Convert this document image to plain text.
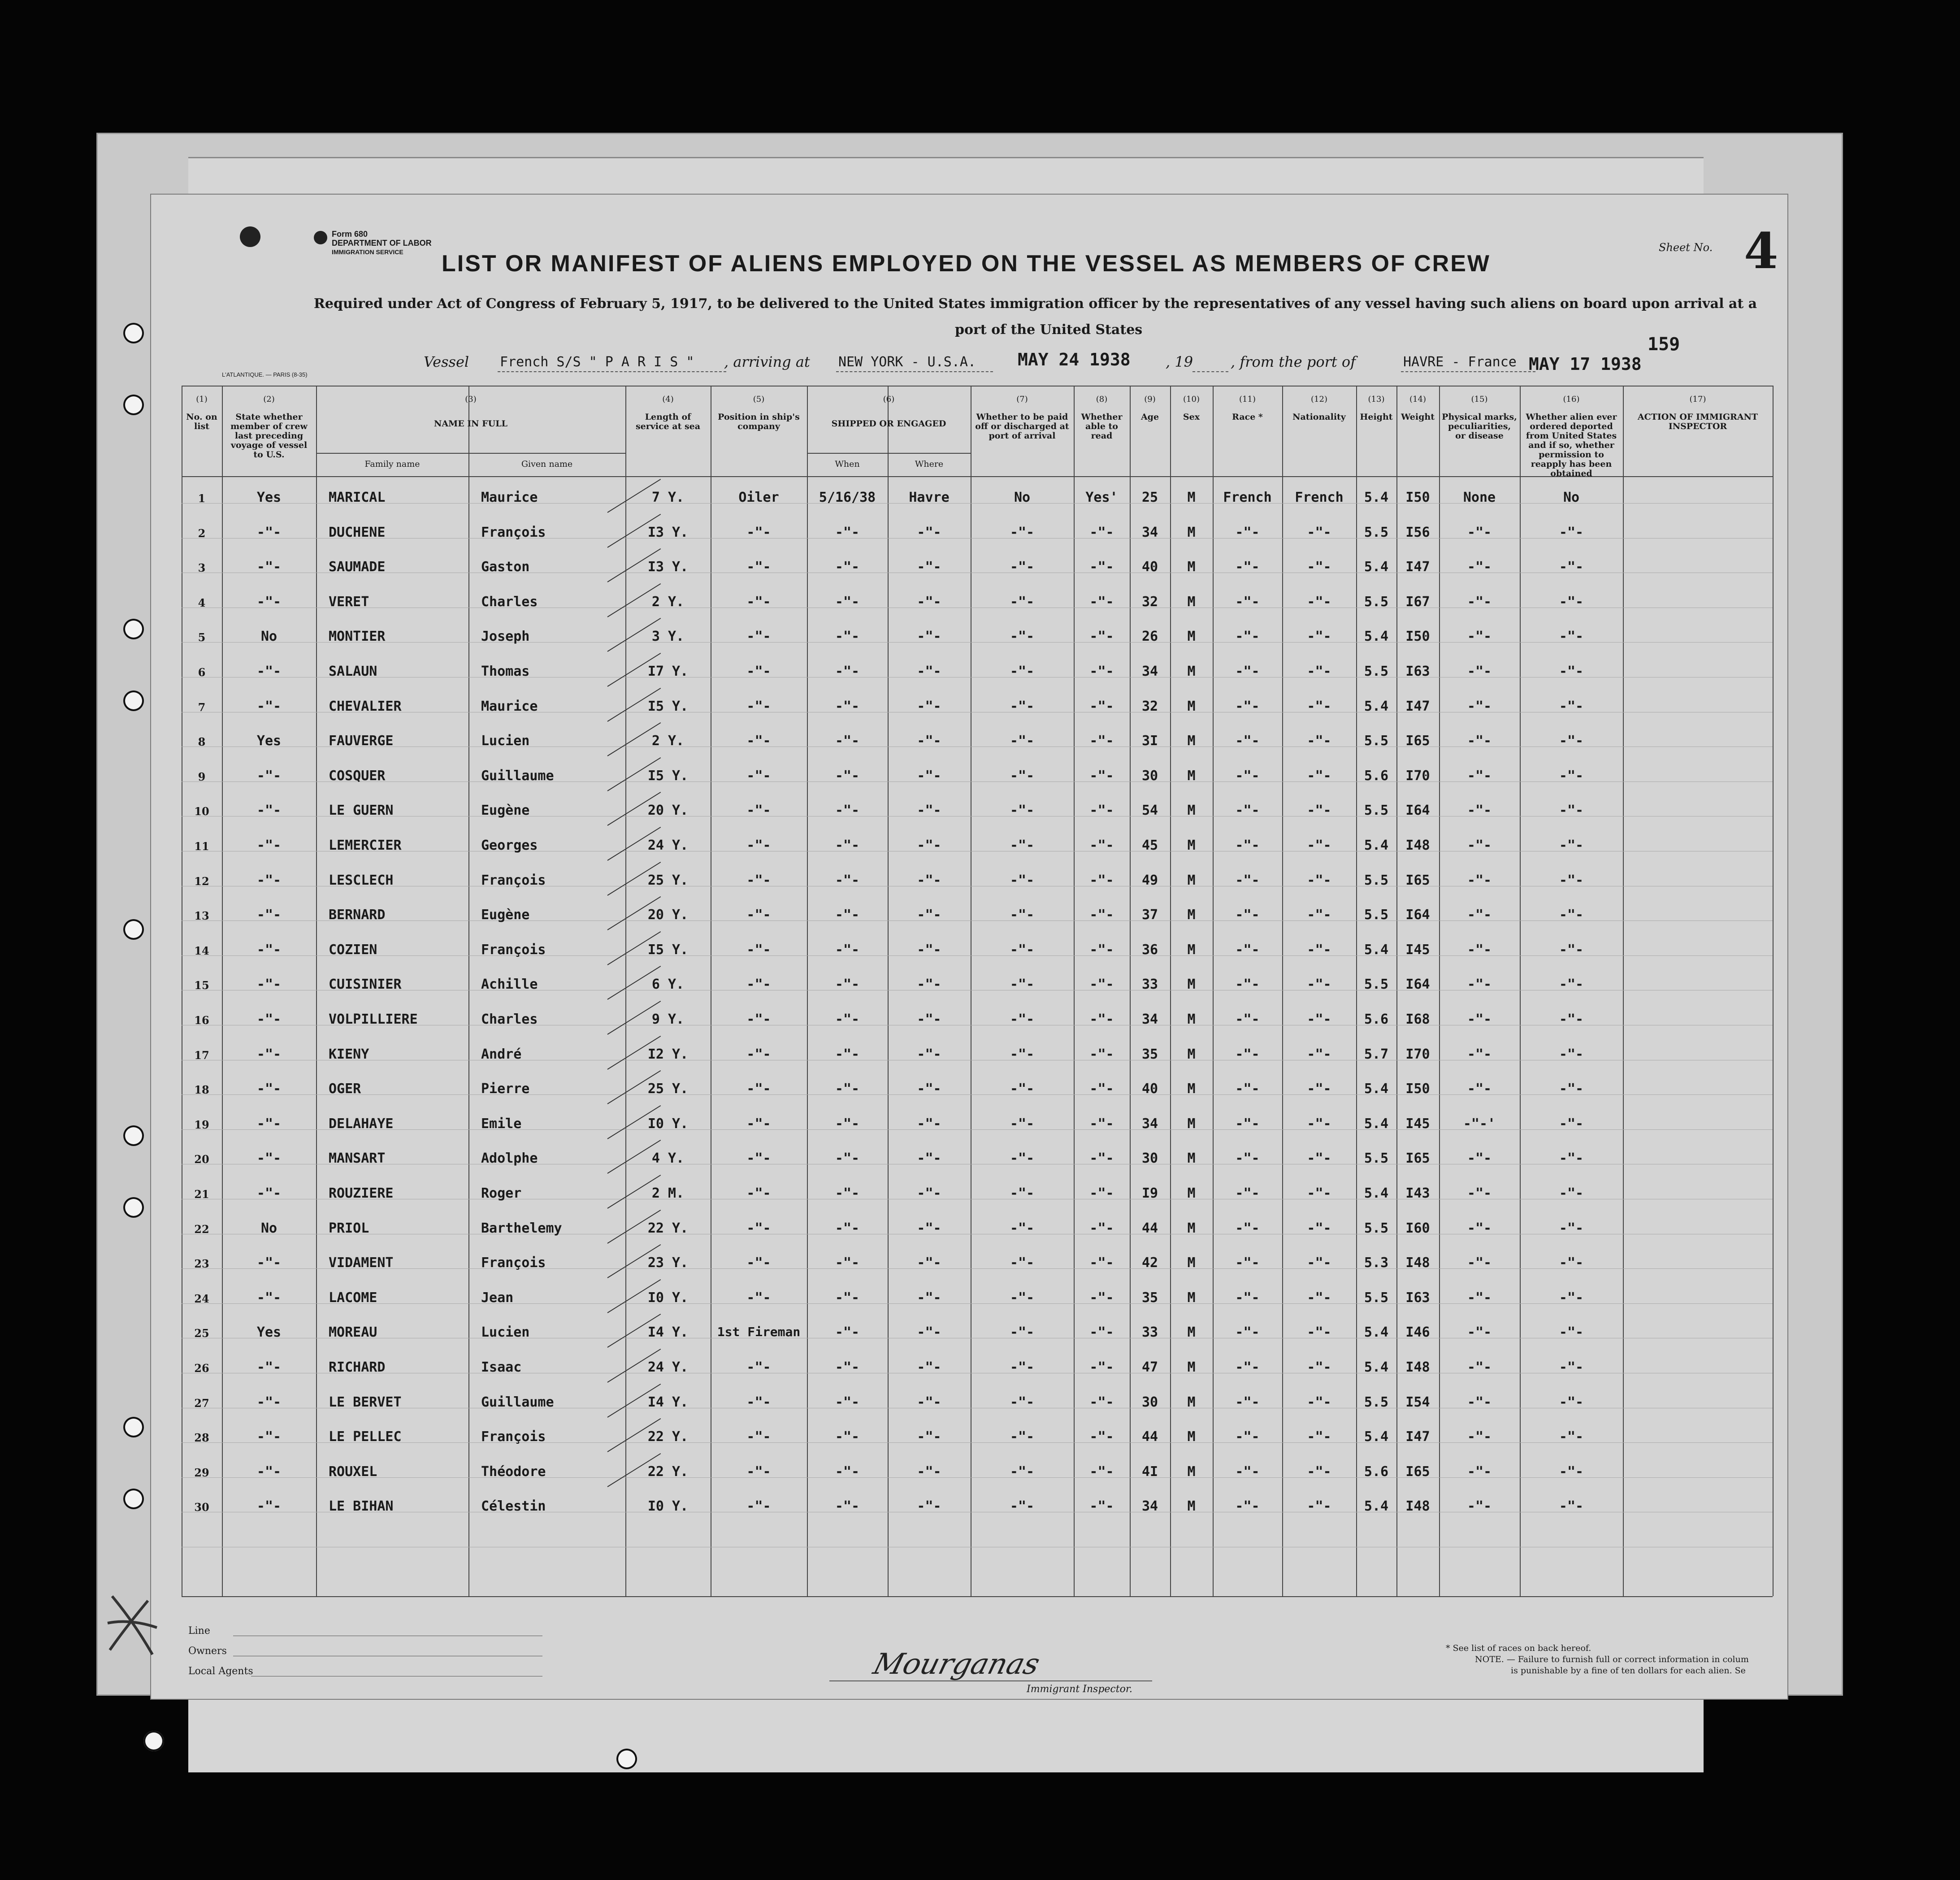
Form 680
DEPARTMENT OF LABOR
IMMIGRATION SERVICE LIST OR MANIFEST OF ALIENS EMPLOYED ON THE VESSEL AS MEMBERS OF CREW
Required under Act of Congress of February 5, 1917, to be delivered to the United States immigration officer by the representatives of any vessel having such aliens on board upon arrival at a
port of the United States
Sheet No. 4
159
L'ATLANTIQUE. — PARIS (8-35)
Vessel French S/S " P A R I S " , arriving at NEW YORK - U.S.A. MAY 24 1938 , 19	, from the port of	HAVRE - France MAY 17 1938
(1)
No. on list
(2)
State whether member of crew last preceding voyage of vessel to U.S.
(3)
NAME IN FULL
Family name	Given name
(4)
Length of service at sea
(5)
Position in ship's company
(6)
SHIPPED OR ENGAGED
When	Where
(7)
Whether to be paid off or discharged at port of arrival
(8)
Whether able to read
(9)
Age
(10)
Sex
(11)
Race *
(12)
Nationality
(13)
Height
(14)
Weight
(15)
Physical marks, peculiarities, or disease
(16)
Whether alien ever ordered deported from United States and if so, whether permission to reapply has been obtained
(17)
ACTION OF IMMIGRANT INSPECTOR
1	Yes	MARICAL	Maurice	7 Y.	Oiler	5/16/38	Havre	No	Yes'	25	M	French	French	5.4	I50	None	No
2	-"-	DUCHENE	François	I3 Y.	-"-	-"-	-"-	-"-	-"-	34	M	-"-	-"-	5.5	I56	-"-	-"-
3	-"-	SAUMADE	Gaston	I3 Y.	-"-	-"-	-"-	-"-	-"-	40	M	-"-	-"-	5.4	I47	-"-	-"-
4	-"-	VERET	Charles	2 Y.	-"-	-"-	-"-	-"-	-"-	32	M	-"-	-"-	5.5	I67	-"-	-"-
5	No	MONTIER	Joseph	3 Y.	-"-	-"-	-"-	-"-	-"-	26	M	-"-	-"-	5.4	I50	-"-	-"-
6	-"-	SALAUN	Thomas	I7 Y.	-"-	-"-	-"-	-"-	-"-	34	M	-"-	-"-	5.5	I63	-"-	-"-
7	-"-	CHEVALIER	Maurice	I5 Y.	-"-	-"-	-"-	-"-	-"-	32	M	-"-	-"-	5.4	I47	-"-	-"-
8	Yes	FAUVERGE	Lucien	2 Y.	-"-	-"-	-"-	-"-	-"-	3I	M	-"-	-"-	5.5	I65	-"-	-"-
9	-"-	COSQUER	Guillaume	I5 Y.	-"-	-"-	-"-	-"-	-"-	30	M	-"-	-"-	5.6	I70	-"-	-"-
10	-"-	LE GUERN	Eugène	20 Y.	-"-	-"-	-"-	-"-	-"-	54	M	-"-	-"-	5.5	I64	-"-	-"-
11	-"-	LEMERCIER	Georges	24 Y.	-"-	-"-	-"-	-"-	-"-	45	M	-"-	-"-	5.4	I48	-"-	-"-
12	-"-	LESCLECH	François	25 Y.	-"-	-"-	-"-	-"-	-"-	49	M	-"-	-"-	5.5	I65	-"-	-"-
13	-"-	BERNARD	Eugène	20 Y.	-"-	-"-	-"-	-"-	-"-	37	M	-"-	-"-	5.5	I64	-"-	-"-
14	-"-	COZIEN	François	I5 Y.	-"-	-"-	-"-	-"-	-"-	36	M	-"-	-"-	5.4	I45	-"-	-"-
15	-"-	CUISINIER	Achille	6 Y.	-"-	-"-	-"-	-"-	-"-	33	M	-"-	-"-	5.5	I64	-"-	-"-
16	-"-	VOLPILLIERE	Charles	9 Y.	-"-	-"-	-"-	-"-	-"-	34	M	-"-	-"-	5.6	I68	-"-	-"-
17	-"-	KIENY	André	I2 Y.	-"-	-"-	-"-	-"-	-"-	35	M	-"-	-"-	5.7	I70	-"-	-"-
18	-"-	OGER	Pierre	25 Y.	-"-	-"-	-"-	-"-	-"-	40	M	-"-	-"-	5.4	I50	-"-	-"-
19	-"-	DELAHAYE	Emile	I0 Y.	-"-	-"-	-"-	-"-	-"-	34	M	-"-	-"-	5.4	I45	-"-'	-"-
20	-"-	MANSART	Adolphe	4 Y.	-"-	-"-	-"-	-"-	-"-	30	M	-"-	-"-	5.5	I65	-"-	-"-
21	-"-	ROUZIERE	Roger	2 M.	-"-	-"-	-"-	-"-	-"-	I9	M	-"-	-"-	5.4	I43	-"-	-"-
22	No	PRIOL	Barthelemy	22 Y.	-"-	-"-	-"-	-"-	-"-	44	M	-"-	-"-	5.5	I60	-"-	-"-
23	-"-	VIDAMENT	François	23 Y.	-"-	-"-	-"-	-"-	-"-	42	M	-"-	-"-	5.3	I48	-"-	-"-
24	-"-	LACOME	Jean	I0 Y.	-"-	-"-	-"-	-"-	-"-	35	M	-"-	-"-	5.5	I63	-"-	-"-
25	Yes	MOREAU	Lucien	I4 Y.	1st Fireman	-"-	-"-	-"-	-"-	33	M	-"-	-"-	5.4	I46	-"-	-"-
26	-"-	RICHARD	Isaac	24 Y.	-"-	-"-	-"-	-"-	-"-	47	M	-"-	-"-	5.4	I48	-"-	-"-
27	-"-	LE BERVET	Guillaume	I4 Y.	-"-	-"-	-"-	-"-	-"-	30	M	-"-	-"-	5.5	I54	-"-	-"-
28	-"-	LE PELLEC	François	22 Y.	-"-	-"-	-"-	-"-	-"-	44	M	-"-	-"-	5.4	I47	-"-	-"-
29	-"-	ROUXEL	Théodore	22 Y.	-"-	-"-	-"-	-"-	-"-	4I	M	-"-	-"-	5.6	I65	-"-	-"-
30	-"-	LE BIHAN	Célestin	I0 Y.	-"-	-"-	-"-	-"-	-"-	34	M	-"-	-"-	5.4	I48	-"-	-"-
Line
Owners
Local Agents	Mourganas
Immigrant Inspector.
* See list of races on back hereof.
NOTE. — Failure to furnish full or correct information in colum
is punishable by a fine of ten dollars for each alien. Se
